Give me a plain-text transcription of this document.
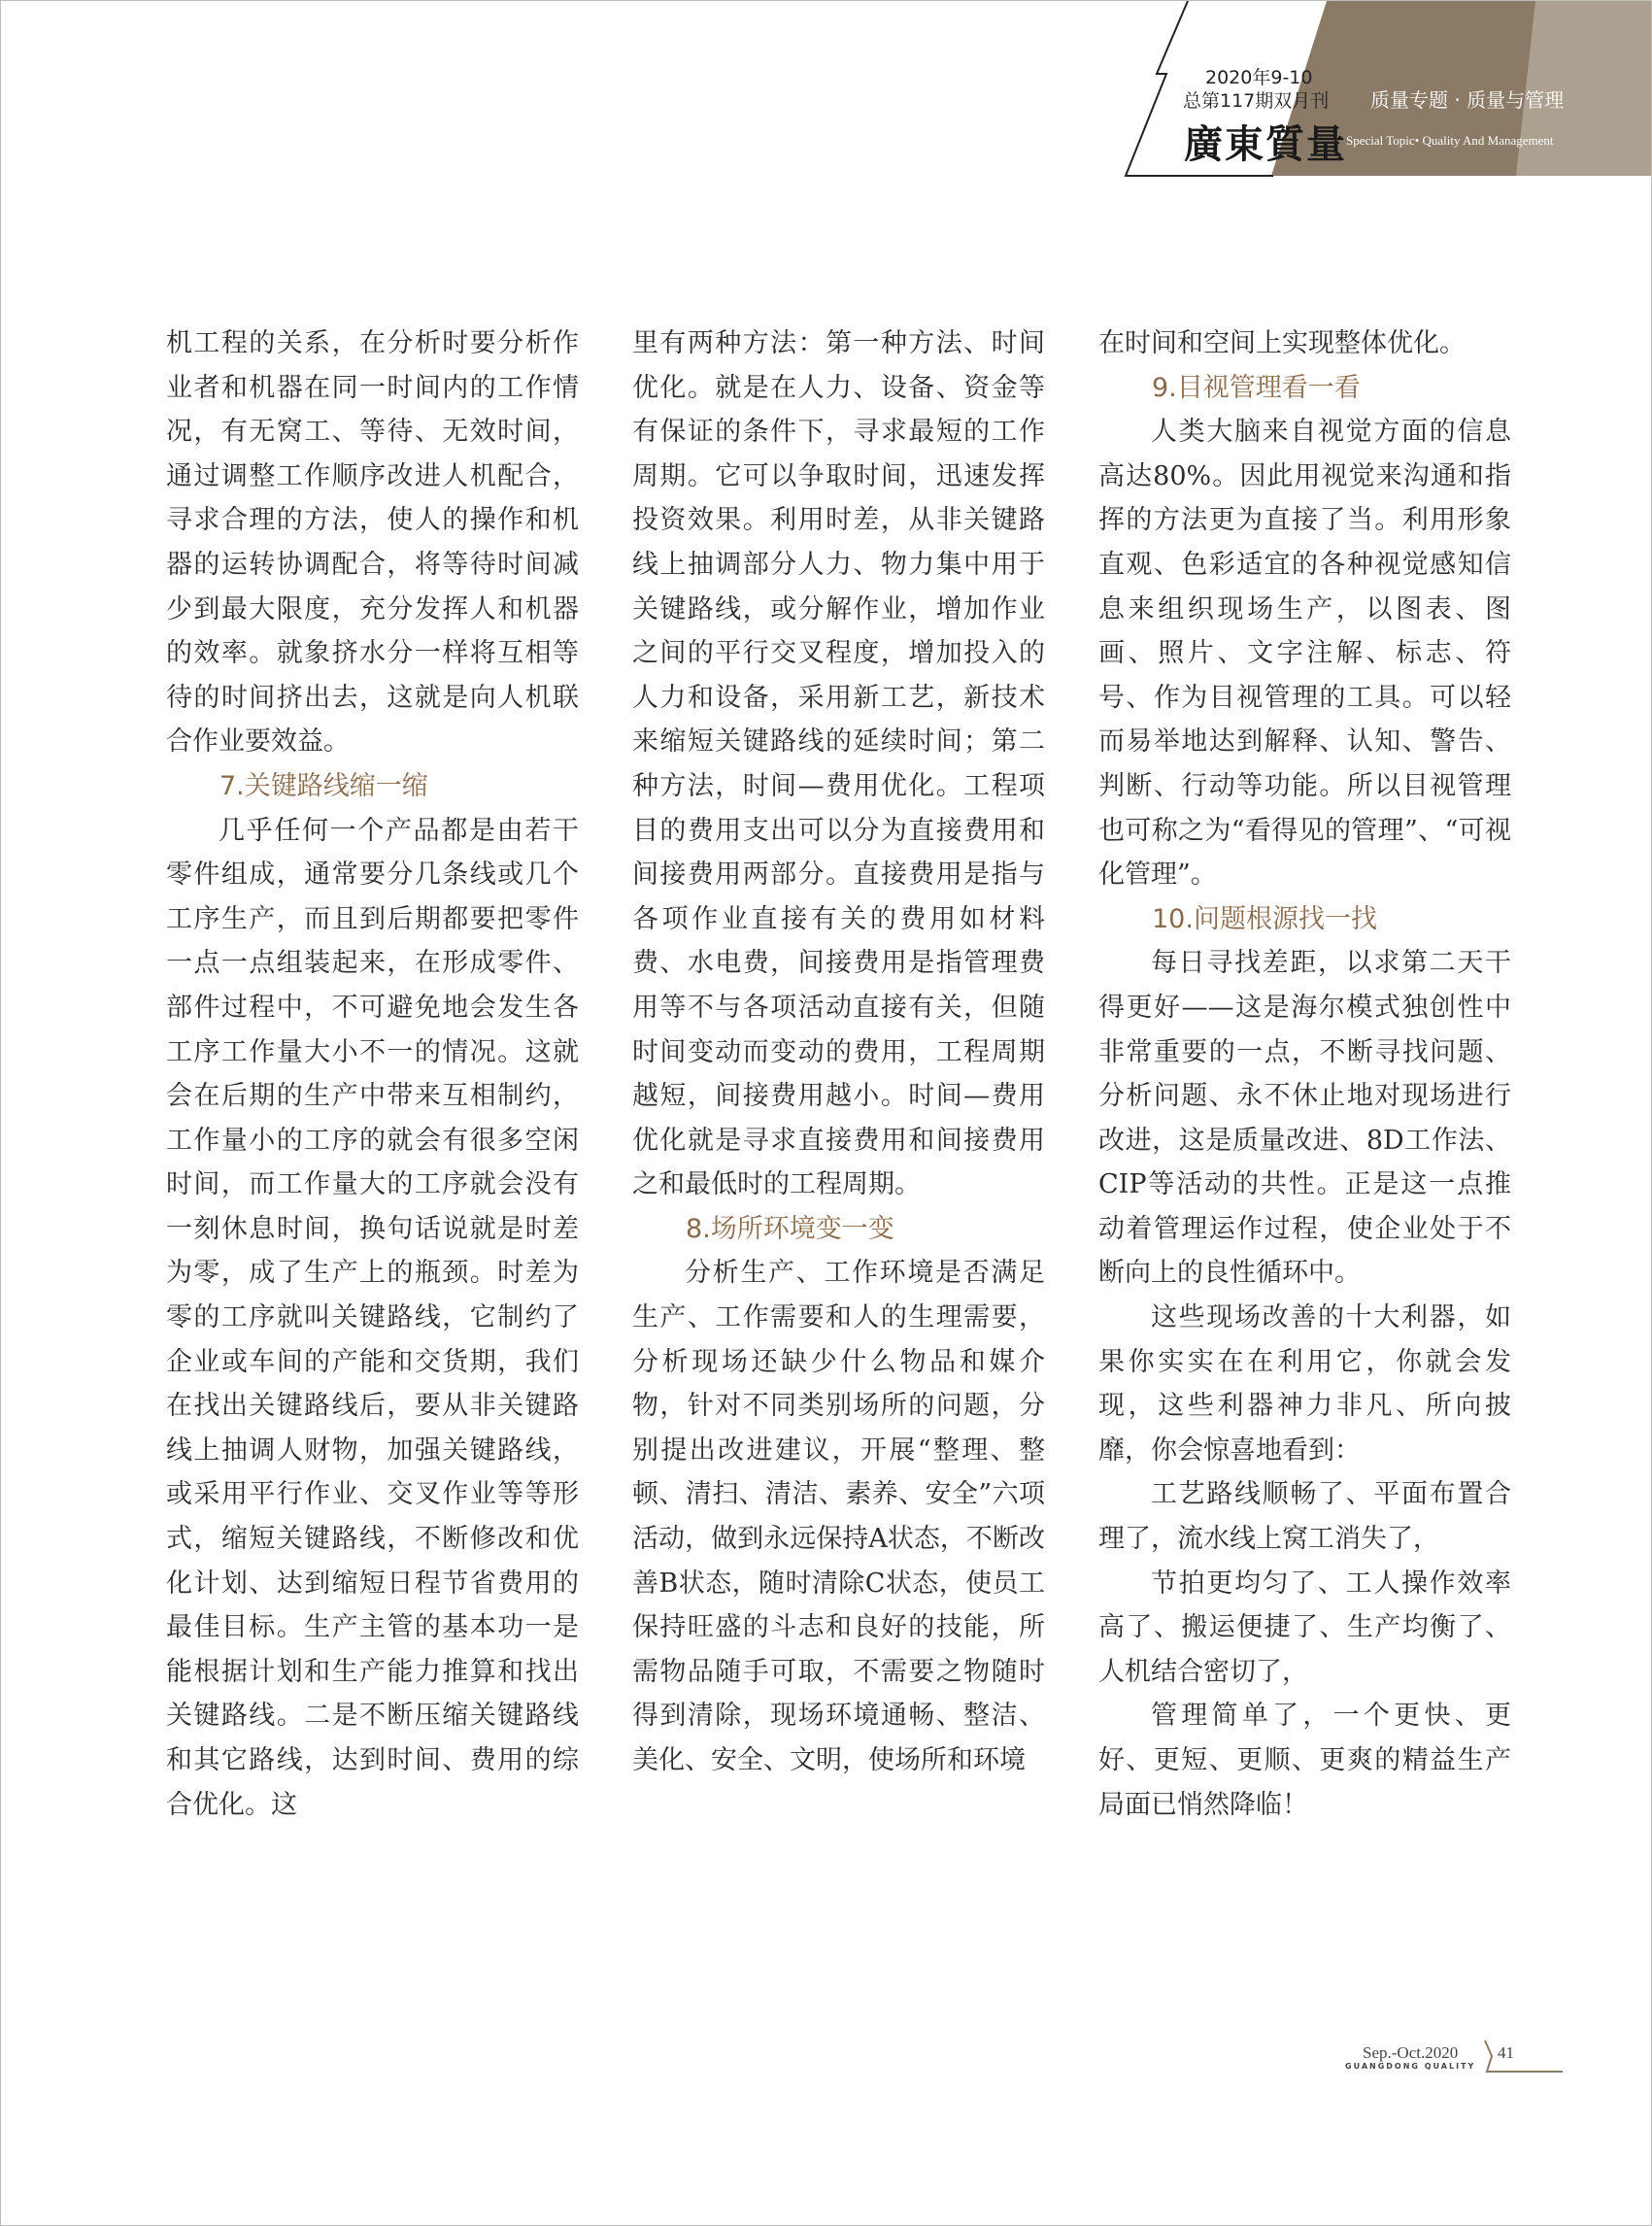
2020年9-10
总第117期双月刊 质量专题 · 质量与管理
Special Topic• Quality And Management
廣東質量

机工程的关系，在分析时要分析作业者和机器在同一时间内的工作情况，有无窝工、等待、无效时间，通过调整工作顺序改进人机配合，寻求合理的方法，使人的操作和机器的运转协调配合，将等待时间减少到最大限度，充分发挥人和机器的效率。就象挤水分一样将互相等待的时间挤出去，这就是向人机联合作业要效益。

7.关键路线缩一缩

几乎任何一个产品都是由若干零件组成，通常要分几条线或几个工序生产，而且到后期都要把零件一点一点组装起来，在形成零件、部件过程中，不可避免地会发生各工序工作量大小不一的情况。这就会在后期的生产中带来互相制约，工作量小的工序的就会有很多空闲时间，而工作量大的工序就会没有一刻休息时间，换句话说就是时差为零，成了生产上的瓶颈。时差为零的工序就叫关键路线，它制约了企业或车间的产能和交货期，我们在找出关键路线后，要从非关键路线上抽调人财物，加强关键路线，或采用平行作业、交叉作业等等形式，缩短关键路线，不断修改和优化计划、达到缩短日程节省费用的最佳目标。生产主管的基本功一是能根据计划和生产能力推算和找出关键路线。二是不断压缩关键路线和其它路线，达到时间、费用的综合优化。这

里有两种方法：第一种方法、时间优化。就是在人力、设备、资金等有保证的条件下，寻求最短的工作周期。它可以争取时间，迅速发挥投资效果。利用时差，从非关键路线上抽调部分人力、物力集中用于关键路线，或分解作业，增加作业之间的平行交叉程度，增加投入的人力和设备，采用新工艺，新技术来缩短关键路线的延续时间；第二种方法，时间—费用优化。工程项目的费用支出可以分为直接费用和间接费用两部分。直接费用是指与各项作业直接有关的费用如材料费、水电费，间接费用是指管理费用等不与各项活动直接有关，但随时间变动而变动的费用，工程周期越短，间接费用越小。时间—费用优化就是寻求直接费用和间接费用之和最低时的工程周期。

8.场所环境变一变

分析生产、工作环境是否满足生产、工作需要和人的生理需要，分析现场还缺少什么物品和媒介物，针对不同类别场所的问题，分别提出改进建议，开展“整理、整顿、清扫、清洁、素养、安全”六项活动，做到永远保持A状态，不断改善B状态，随时清除C状态，使员工保持旺盛的斗志和良好的技能，所需物品随手可取，不需要之物随时得到清除，现场环境通畅、整洁、美化、安全、文明，使场所和环境

在时间和空间上实现整体优化。

9.目视管理看一看

人类大脑来自视觉方面的信息高达80%。因此用视觉来沟通和指挥的方法更为直接了当。利用形象直观、色彩适宜的各种视觉感知信息来组织现场生产，以图表、图画、照片、文字注解、标志、符号、作为目视管理的工具。可以轻而易举地达到解释、认知、警告、判断、行动等功能。所以目视管理也可称之为“看得见的管理”、“可视化管理”。

10.问题根源找一找

每日寻找差距，以求第二天干得更好——这是海尔模式独创性中非常重要的一点，不断寻找问题、分析问题、永不休止地对现场进行改进，这是质量改进、8D工作法、CIP等活动的共性。正是这一点推动着管理运作过程，使企业处于不断向上的良性循环中。

这些现场改善的十大利器，如果你实实在在利用它，你就会发现，这些利器神力非凡、所向披靡，你会惊喜地看到：

工艺路线顺畅了、平面布置合理了，流水线上窝工消失了，

节拍更均匀了、工人操作效率高了、搬运便捷了、生产均衡了、人机结合密切了，

管理简单了，一个更快、更好、更短、更顺、更爽的精益生产局面已悄然降临！

Sep.-Oct.2020
GUANGDONG QUALITY
41
